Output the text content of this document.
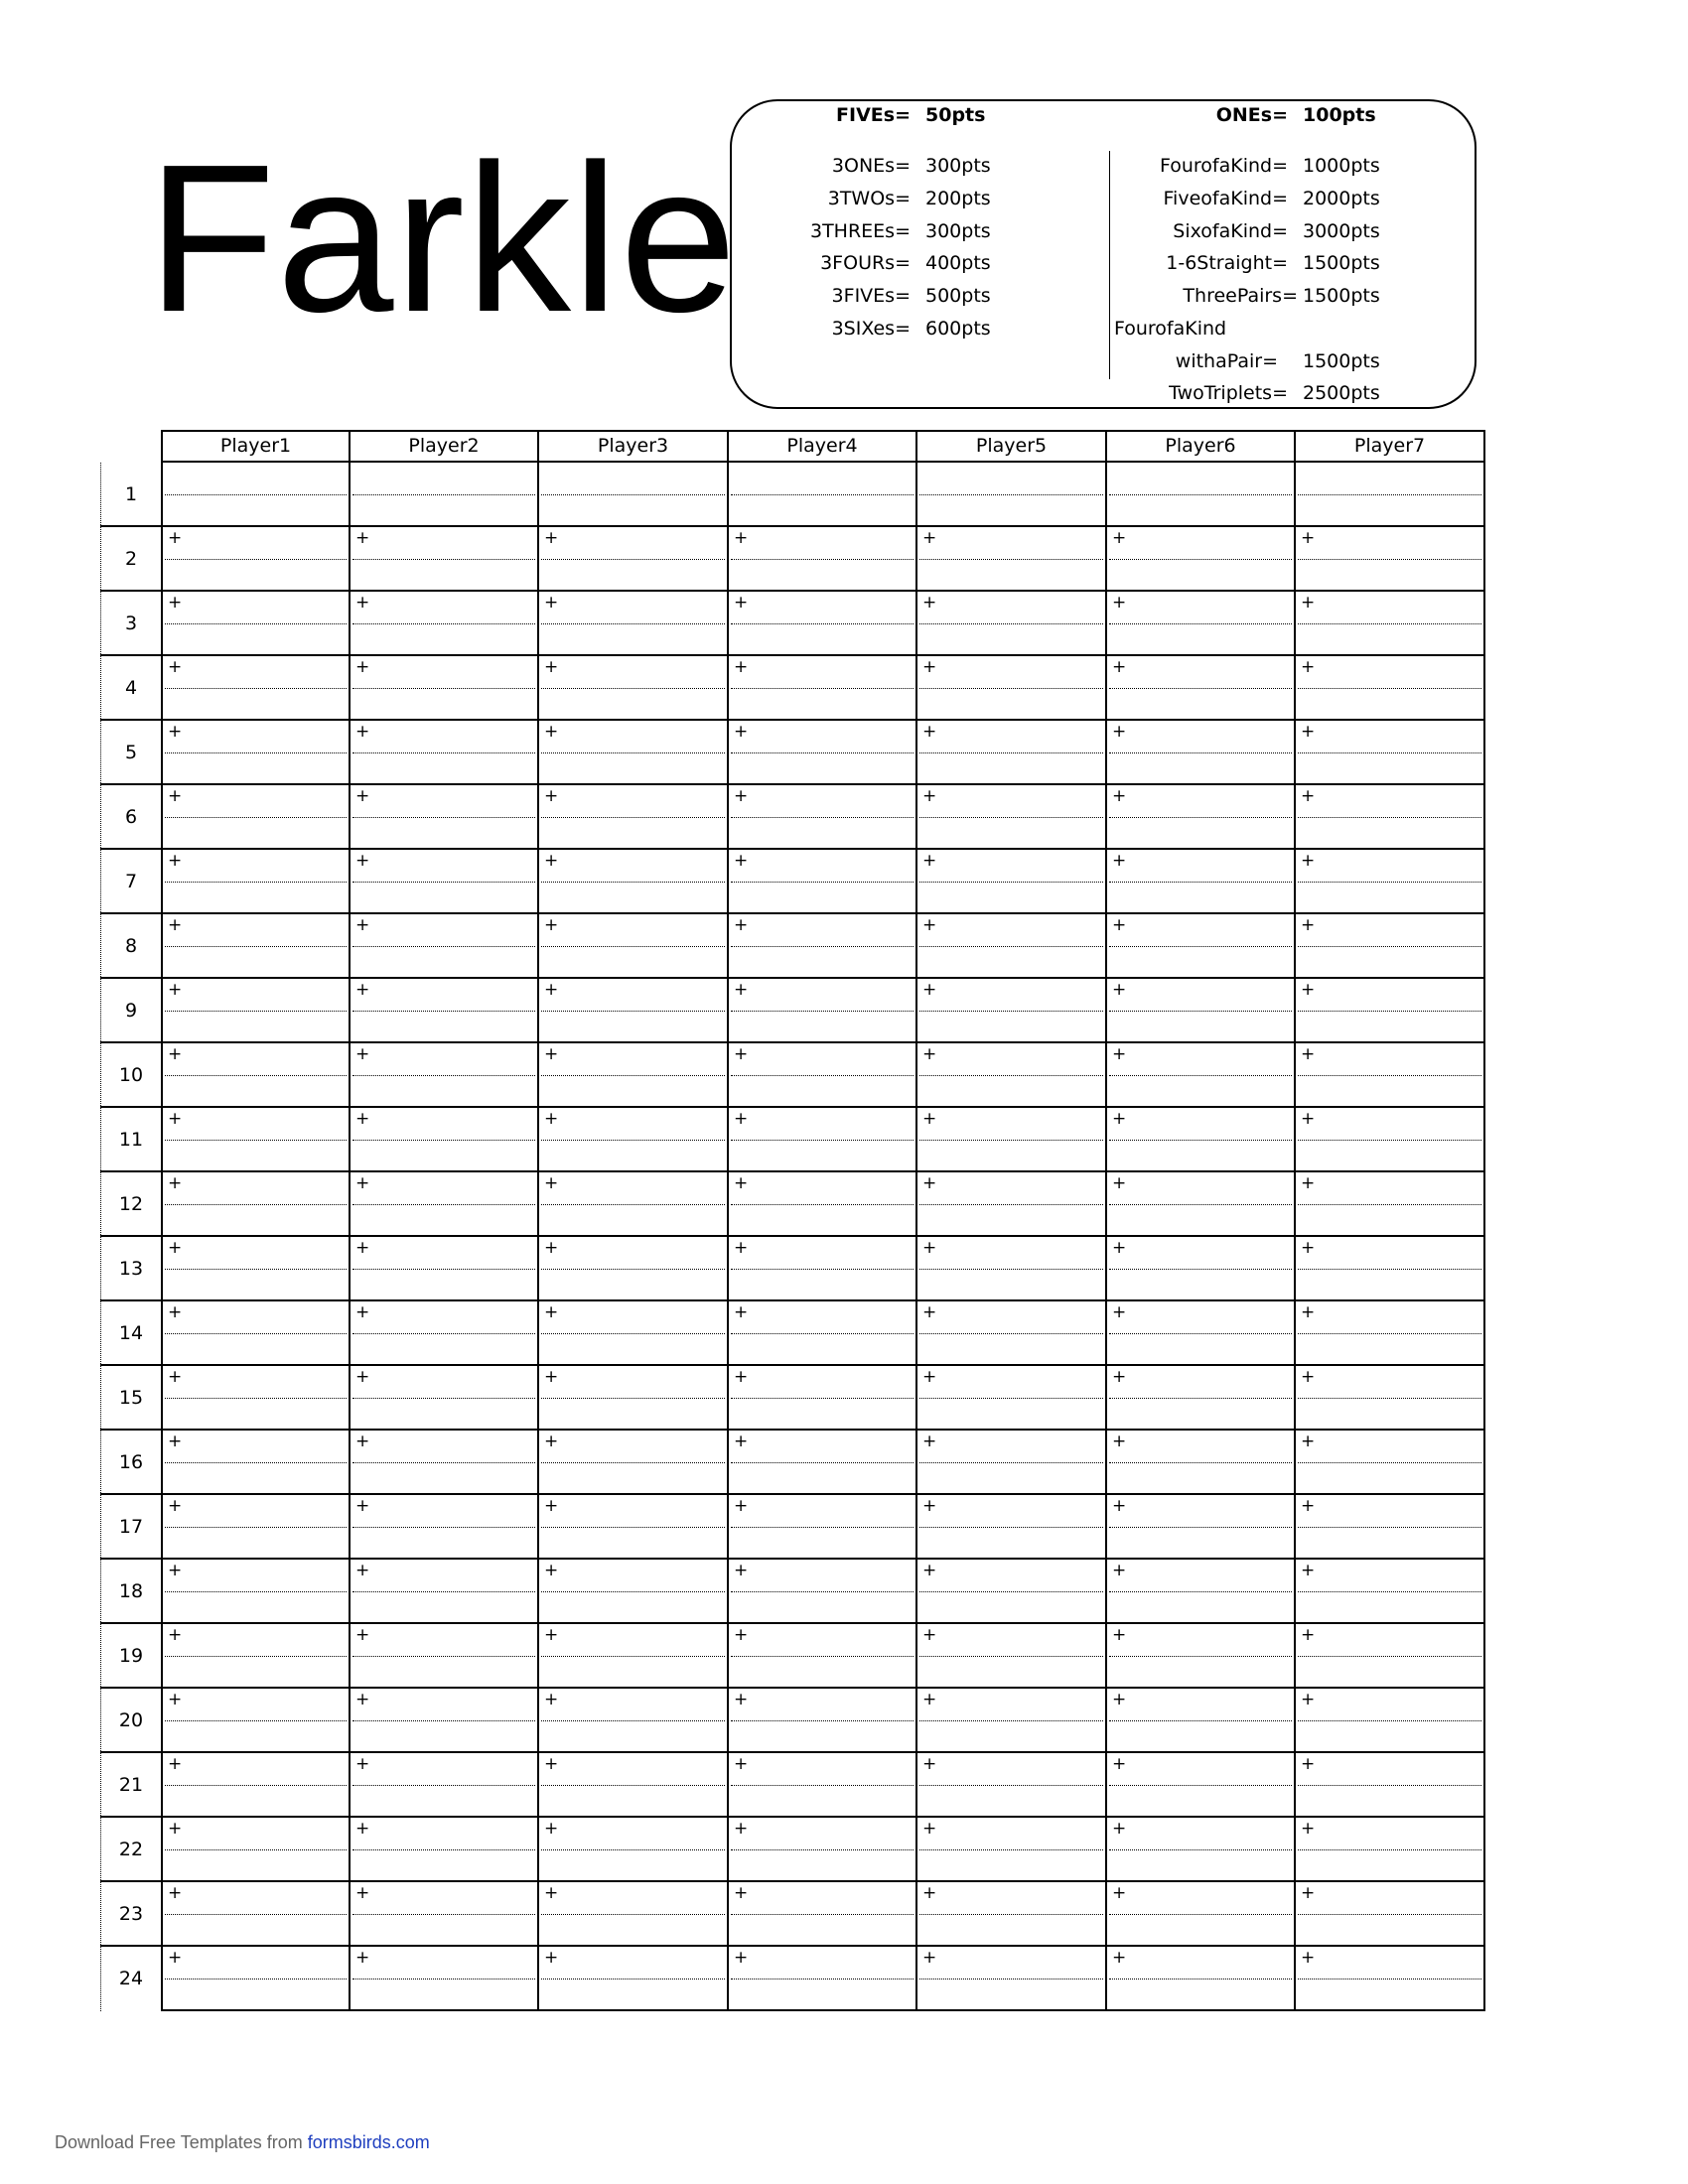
Farkle
FIVEs= 50pts	ONEs= 100pts
3ONEs= 300pts
3TWOs= 200pts
3THREEs= 300pts
3FOURs= 400pts
3FIVEs= 500pts
3SIXes= 600pts
FourofaKind= 1000pts
FiveofaKind= 2000pts
SixofaKind= 3000pts
1-6Straight= 1500pts
ThreePairs= 1500pts
FourofaKind
withaPair= 1500pts
TwoTriplets= 2500pts
Player1	Player2	Player3	Player4	Player5	Player6	Player7
1
2
+	+	+	+	+	+	+
3
+	+	+	+	+	+	+
4
+	+	+	+	+	+	+
5
+	+	+	+	+	+	+
6
+	+	+	+	+	+	+
7
+	+	+	+	+	+	+
8
+	+	+	+	+	+	+
9
+	+	+	+	+	+	+
10
+	+	+	+	+	+	+
11
+	+	+	+	+	+	+
12
+	+	+	+	+	+	+
13
+	+	+	+	+	+	+
14
+	+	+	+	+	+	+
15
+	+	+	+	+	+	+
16
+	+	+	+	+	+	+
17
+	+	+	+	+	+	+
18
+	+	+	+	+	+	+
19
+	+	+	+	+	+	+
20
+	+	+	+	+	+	+
21
+	+	+	+	+	+	+
22
+	+	+	+	+	+	+
23
+	+	+	+	+	+	+
24
+	+	+	+	+	+	+
Download Free Templates from formsbirds.com
